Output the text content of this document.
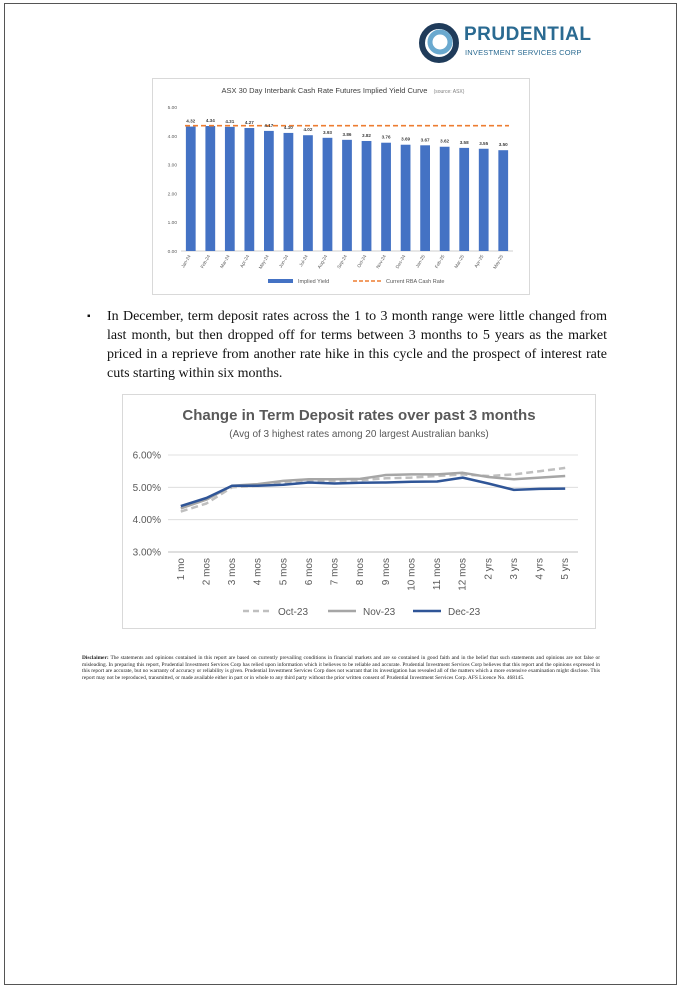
PRUDENTIAL
INVESTMENT SERVICES CORP
ASX 30 Day Interbank Cash Rate Futures Implied Yield Curve (source: ASX)
0.00
1.00
2.00
3.00
4.00
5.00
4.32
Jan-24
4.34
Feb-24
4.31
Mar-24
4.27
Apr-24
4.17
May-24
4.10
Jun-24
4.02
Jul-24
3.93
Aug-24
3.86
Sep-24
3.82
Oct-24
3.76
Nov-24
3.69
Dec-24
3.67
Jan-25
3.62
Feb-25
3.58
Mar-25
3.55
Apr-25
3.50
May-25
Implied Yield	Current RBA Cash Rate
▪ In December, term deposit rates across the 1 to 3 month range were little changed from last month, but then dropped off for terms between 3 months to 5 years as the market priced in a reprieve from another rate hike in this cycle and the prospect of interest rate cuts starting within six months.
Change in Term Deposit rates over past 3 months
(Avg of 3 highest rates among 20 largest Australian banks)
3.00%
4.00%
5.00%
6.00%
1 mo 2 mos 3 mos 4 mos 5 mos 6 mos 7 mos 8 mos 9 mos 10 mos 11 mos 12 mos 2 yrs 3 yrs 4 yrs 5 yrs
Oct-23	Nov-23	Dec-23
Disclaimer: The statements and opinions contained in this report are based on currently prevailing conditions in financial markets and are so contained in good faith and in the belief that such statements and opinions are not false or misleading. In preparing this report, Prudential Investment Services Corp has relied upon information which it believes to be reliable and accurate. Prudential Investment Services Corp believes that this report and the opinions expressed in this report are accurate, but no warranty of accuracy or reliability is given. Prudential Investment Services Corp does not warrant that its investigation has revealed all of the matters which a more extensive examination might disclose. This report may not be reproduced, transmitted, or made available either in part or in whole to any third party without the prior written consent of Prudential Investment Services Corp. AFS Licence No. 468145.
